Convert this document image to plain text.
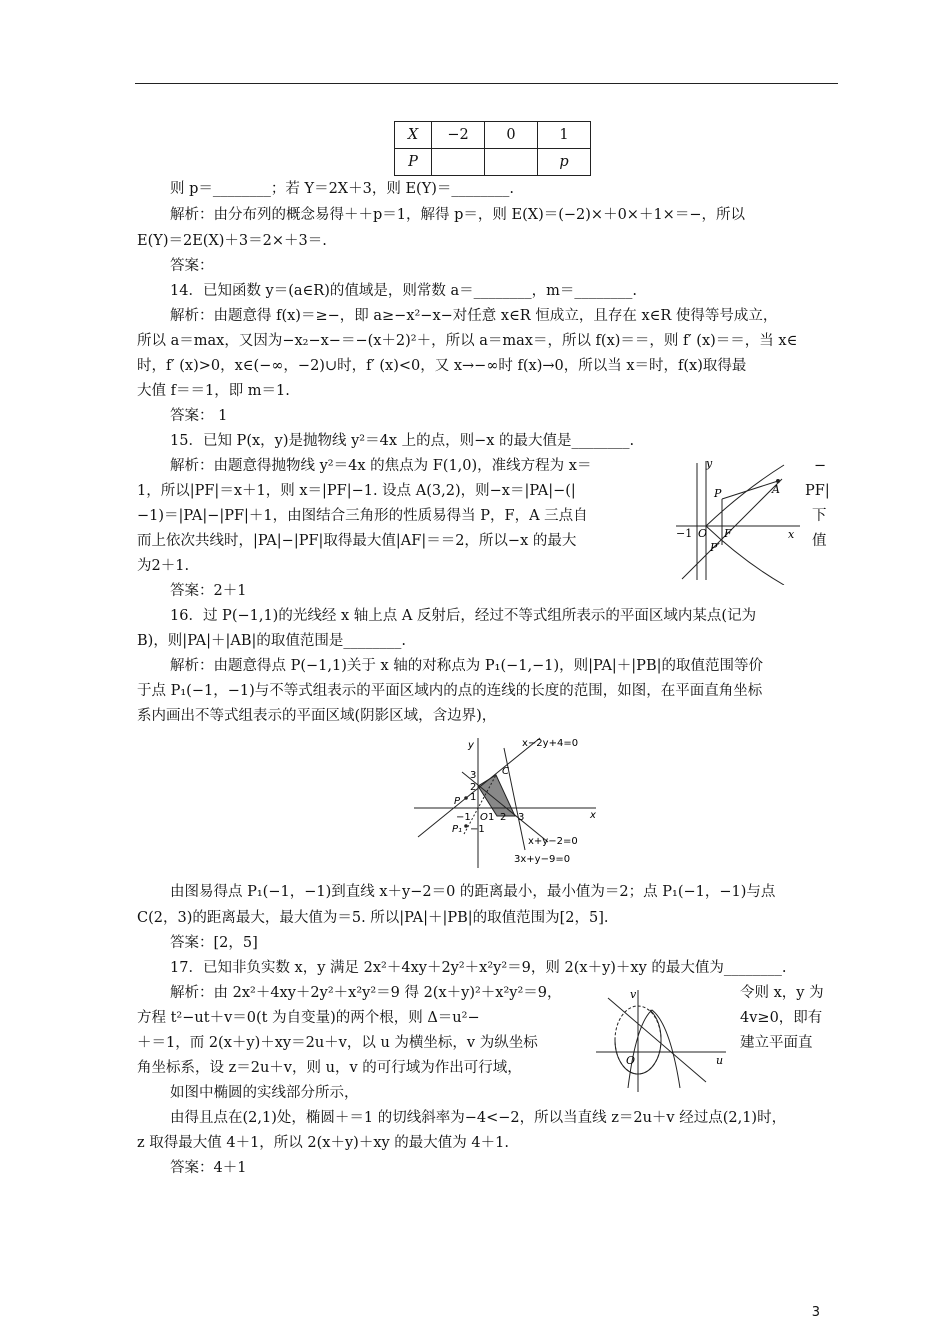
X	−2	0	1
P			p
则 p＝________；若 Y＝2X＋3，则 E(Y)＝________.
解析：由分布列的概念易得＋＋p＝1，解得 p＝，则 E(X)＝(−2)×＋0×＋1×＝−，所以
E(Y)＝2E(X)＋3＝2×＋3＝.
答案：
14．已知函数 y＝(a∈R)的值域是，则常数 a＝________，m＝________.
解析：由题意得 f(x)＝≥−，即 a≥−x²−x−对任意 x∈R 恒成立，且存在 x∈R 使得等号成立，
所以 a＝max，又因为−x₂−x−＝−(x＋2)²＋，所以 a＝max＝，所以 f(x)＝＝，则 f′ (x)＝＝，当 x∈
时，f′ (x)>0，x∈(−∞，−2)∪时，f′ (x)<0，又 x→−∞时 f(x)→0，所以当 x＝时，f(x)取得最
大值 f＝＝1，即 m＝1.
答案： 1
15．已知 P(x，y)是抛物线 y²＝4x 上的点，则−x 的最大值是________.
解析：由题意得抛物线 y²＝4x 的焦点为 F(1,0)，准线方程为 x＝
1，所以|PF|＝x＋1，则 x＝|PF|−1. 设点 A(3,2)，则−x＝|PA|−(|
−1)＝|PA|−|PF|＋1，由图结合三角形的性质易得当 P，F，A 三点自
而上依次共线时，|PA|−|PF|取得最大值|AF|＝＝2，所以−x 的最大
为2＋1.
答案：2＋1
−
PF|
下
值
y
x
A
P
O F
P′
−1
16．过 P(−1,1)的光线经 x 轴上点 A 反射后，经过不等式组所表示的平面区域内某点(记为
B)，则|PA|＋|AB|的取值范围是________.
解析：由题意得点 P(−1,1)关于 x 轴的对称点为 P₁(−1,−1)，则|PA|＋|PB|的取值范围等价
于点 P₁(−1，−1)与不等式组表示的平面区域内的点的连线的长度的范围，如图，在平面直角坐标
系内画出不等式组表示的平面区域(阴影区域，含边界)，
y
x
C
P
P₁
O
−1 1 2 3
3
2
1
−1
x−2y+4=0
x+y−2=0
3x+y−9=0
由图易得点 P₁(−1，−1)到直线 x＋y−2＝0 的距离最小，最小值为＝2；点 P₁(−1，−1)与点
C(2，3)的距离最大，最大值为＝5. 所以|PA|＋|PB|的取值范围为[2，5].
答案：[2，5]
17．已知非负实数 x，y 满足 2x²＋4xy＋2y²＋x²y²＝9，则 2(x＋y)＋xy 的最大值为________.
解析：由 2x²＋4xy＋2y²＋x²y²＝9 得 2(x＋y)²＋x²y²＝9，
方程 t²−ut＋v＝0(t 为自变量)的两个根，则 Δ＝u²−
＋＝1，而 2(x＋y)＋xy＝2u＋v，以 u 为横坐标，v 为纵坐标
角坐标系，设 z＝2u＋v，则 u，v 的可行域为作出可行域，
如图中椭圆的实线部分所示，
由得且点在(2,1)处，椭圆＋＝1 的切线斜率为−4<−2，所以当直线 z＝2u＋v 经过点(2,1)时，
z 取得最大值 4＋1，所以 2(x＋y)＋xy 的最大值为 4＋1.
答案：4＋1
令则 x，y 为
4v≥0，即有
建立平面直
v
u
O
3
